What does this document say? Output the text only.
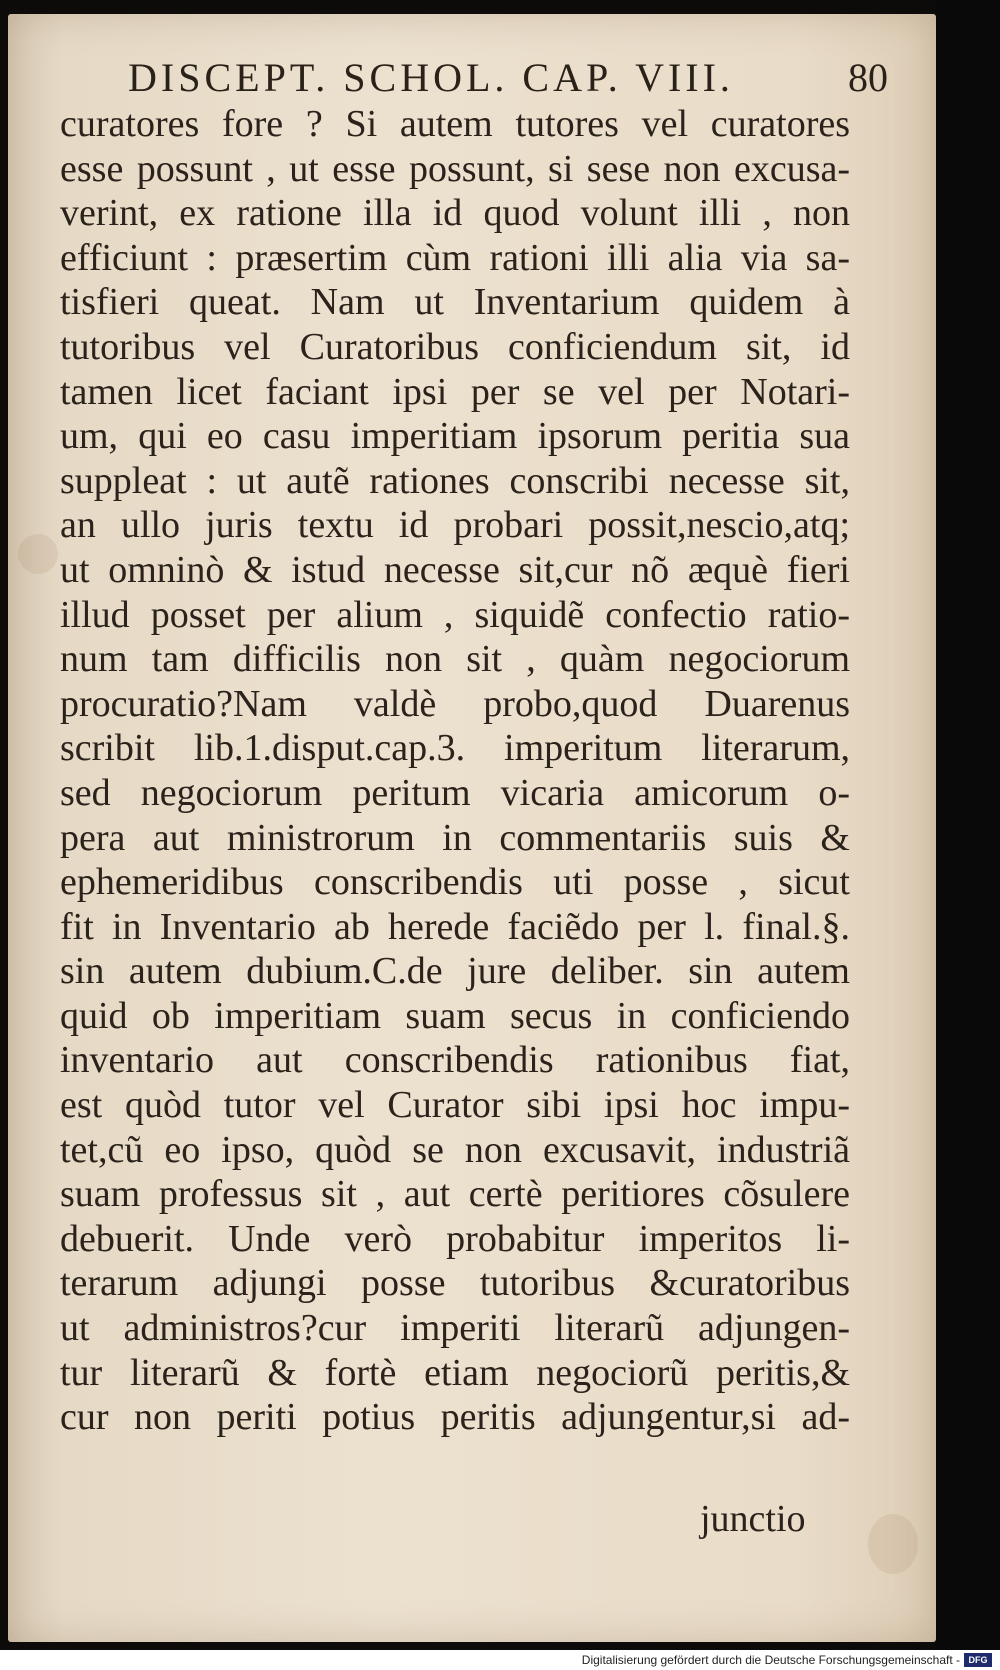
DISCEPT. SCHOL. CAP. VIII.	80
curatores fore ? Si autem tutores vel curatores
esse possunt , ut esse possunt, si sese non excusa-
verint, ex ratione illa id quod volunt illi , non
efficiunt : præsertim cùm rationi illi alia via sa-
tisfieri queat. Nam ut Inventarium quidem à
tutoribus vel Curatoribus conficiendum sit, id
tamen licet faciant ipsi per se vel per Notari-
um, qui eo casu imperitiam ipsorum peritia sua
suppleat : ut autẽ rationes conscribi necesse sit,
an ullo juris textu id probari possit,nescio,atq;
ut omninò & istud necesse sit,cur nõ æquè fieri
illud posset per alium , siquidẽ confectio ratio-
num tam difficilis non sit , quàm negociorum
procuratio?Nam valdè probo,quod Duarenus
scribit lib.1.disput.cap.3. imperitum literarum,
sed negociorum peritum vicaria amicorum o-
pera aut ministrorum in commentariis suis &
ephemeridibus conscribendis uti posse , sicut
fit in Inventario ab herede faciẽdo per l. final.§.
sin autem dubium.C.de jure deliber. sin autem
quid ob imperitiam suam secus in conficiendo
inventario aut conscribendis rationibus fiat,
est quòd tutor vel Curator sibi ipsi hoc impu-
tet,cũ eo ipso, quòd se non excusavit, industriã
suam professus sit , aut certè peritiores cõsulere
debuerit. Unde verò probabitur imperitos li-
terarum adjungi posse tutoribus &curatoribus
ut administros?cur imperiti literarũ adjungen-
tur literarũ & fortè etiam negociorũ peritis,&
cur non periti potius peritis adjungentur,si ad-
junctio
Digitalisierung gefördert durch die Deutsche Forschungsgemeinschaft - DFG
